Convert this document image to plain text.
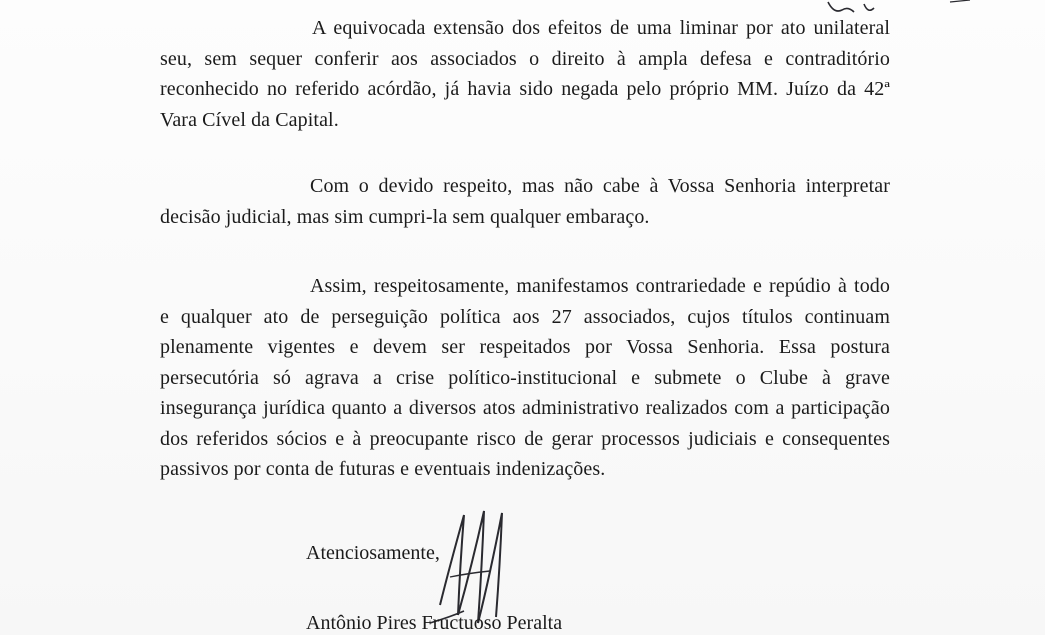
A equivocada extensão dos efeitos de uma liminar por ato unilateral seu, sem sequer conferir aos associados o direito à ampla defesa e contraditório reconhecido no referido acórdão, já havia sido negada pelo próprio MM. Juízo da 42ª Vara Cível da Capital.

Com o devido respeito, mas não cabe à Vossa Senhoria interpretar decisão judicial, mas sim cumpri-la sem qualquer embaraço.

Assim, respeitosamente, manifestamos contrariedade e repúdio à todo e qualquer ato de perseguição política aos 27 associados, cujos títulos continuam plenamente vigentes e devem ser respeitados por Vossa Senhoria. Essa postura persecutória só agrava a crise político-institucional e submete o Clube à grave insegurança jurídica quanto a diversos atos administrativo realizados com a participação dos referidos sócios e à preocupante risco de gerar processos judiciais e consequentes passivos por conta de futuras e eventuais indenizações.

Atenciosamente,

Antônio Pires Fructuoso Peralta
